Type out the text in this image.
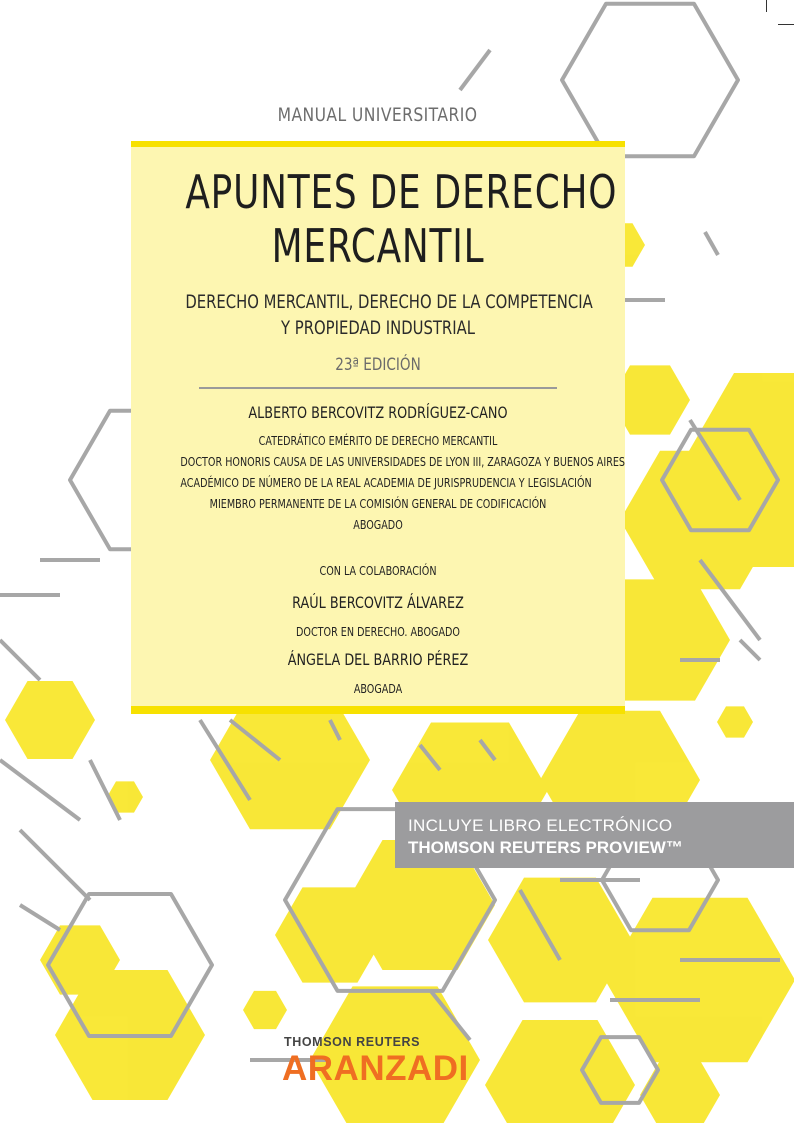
MANUAL UNIVERSITARIO
APUNTES DE DERECHO
MERCANTIL
DERECHO MERCANTIL, DERECHO DE LA COMPETENCIA
Y PROPIEDAD INDUSTRIAL
23ª EDICIÓN
ALBERTO BERCOVITZ RODRÍGUEZ-CANO
CATEDRÁTICO EMÉRITO DE DERECHO MERCANTIL
DOCTOR HONORIS CAUSA DE LAS UNIVERSIDADES DE LYON III, ZARAGOZA Y BUENOS AIRES
ACADÉMICO DE NÚMERO DE LA REAL ACADEMIA DE JURISPRUDENCIA Y LEGISLACIÓN
MIEMBRO PERMANENTE DE LA COMISIÓN GENERAL DE CODIFICACIÓN
ABOGADO
CON LA COLABORACIÓN
RAÚL BERCOVITZ ÁLVAREZ
DOCTOR EN DERECHO. ABOGADO
ÁNGELA DEL BARRIO PÉREZ
ABOGADA
INCLUYE LIBRO ELECTRÓNICO
THOMSON REUTERS PROVIEW™
THOMSON REUTERS
ARANZADI
